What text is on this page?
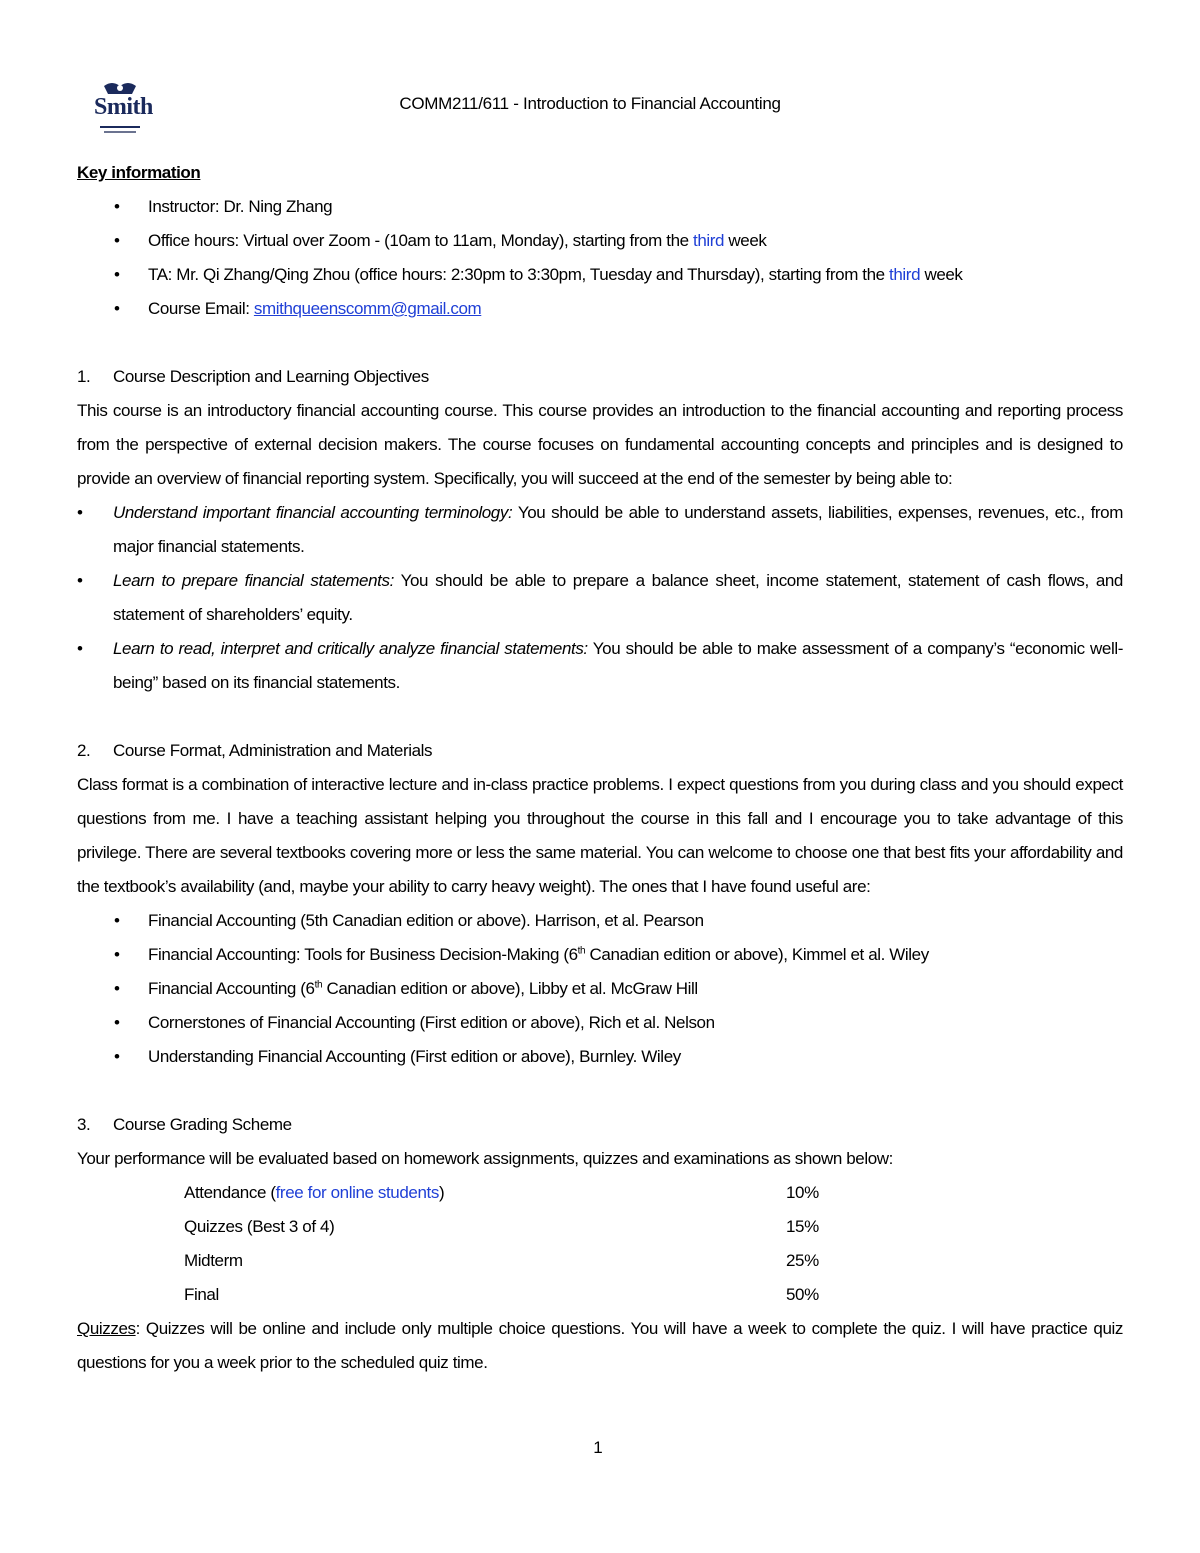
Smith	COMM211/611 - Introduction to Financial Accounting

Key information

• Instructor: Dr. Ning Zhang
• Office hours: Virtual over Zoom - (10am to 11am, Monday), starting from the third week
• TA: Mr. Qi Zhang/Qing Zhou (office hours: 2:30pm to 3:30pm, Tuesday and Thursday), starting from the third week
• Course Email: smithqueenscomm@gmail.com

1. Course Description and Learning Objectives

This course is an introductory financial accounting course. This course provides an introduction to the financial accounting and reporting process from the perspective of external decision makers. The course focuses on fundamental accounting concepts and principles and is designed to provide an overview of financial reporting system. Specifically, you will succeed at the end of the semester by being able to:

• Understand important financial accounting terminology: You should be able to understand assets, liabilities, expenses, revenues, etc., from major financial statements.
• Learn to prepare financial statements: You should be able to prepare a balance sheet, income statement, statement of cash flows, and statement of shareholders’ equity.
• Learn to read, interpret and critically analyze financial statements: You should be able to make assessment of a company’s “economic well-being” based on its financial statements.

2. Course Format, Administration and Materials

Class format is a combination of interactive lecture and in-class practice problems. I expect questions from you during class and you should expect questions from me. I have a teaching assistant helping you throughout the course in this fall and I encourage you to take advantage of this privilege. There are several textbooks covering more or less the same material. You can welcome to choose one that best fits your affordability and the textbook’s availability (and, maybe your ability to carry heavy weight). The ones that I have found useful are:

• Financial Accounting (5th Canadian edition or above). Harrison, et al. Pearson
• Financial Accounting: Tools for Business Decision-Making (6th Canadian edition or above), Kimmel et al. Wiley
• Financial Accounting (6th Canadian edition or above), Libby et al. McGraw Hill
• Cornerstones of Financial Accounting (First edition or above), Rich et al. Nelson
• Understanding Financial Accounting (First edition or above), Burnley. Wiley

3. Course Grading Scheme

Your performance will be evaluated based on homework assignments, quizzes and examinations as shown below:

Attendance (free for online students)	10%
Quizzes (Best 3 of 4)	15%
Midterm	25%
Final	50%

Quizzes: Quizzes will be online and include only multiple choice questions. You will have a week to complete the quiz. I will have practice quiz questions for you a week prior to the scheduled quiz time.

1
